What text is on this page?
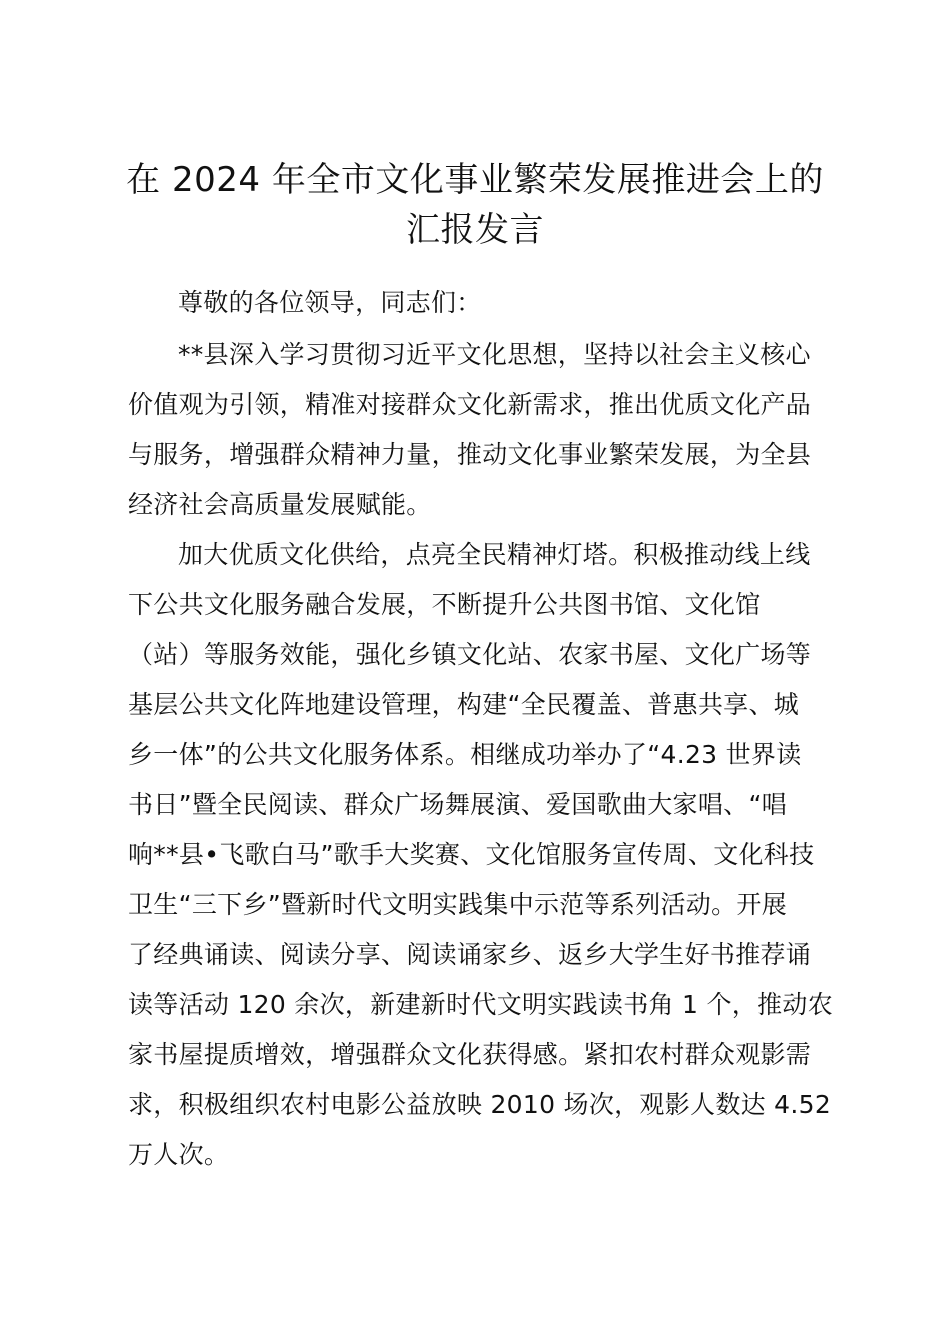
在 2024 年全市文化事业繁荣发展推进会上的
汇报发言

尊敬的各位领导，同志们：

**县深入学习贯彻习近平文化思想，坚持以社会主义核心

价值观为引领，精准对接群众文化新需求，推出优质文化产品

与服务，增强群众精神力量，推动文化事业繁荣发展，为全县

经济社会高质量发展赋能。

加大优质文化供给，点亮全民精神灯塔。积极推动线上线

下公共文化服务融合发展，不断提升公共图书馆、文化馆

（站）等服务效能，强化乡镇文化站、农家书屋、文化广场等

基层公共文化阵地建设管理，构建“全民覆盖、普惠共享、城

乡一体”的公共文化服务体系。相继成功举办了“4.23 世界读

书日”暨全民阅读、群众广场舞展演、爱国歌曲大家唱、“唱

响**县•飞歌白马”歌手大奖赛、文化馆服务宣传周、文化科技

卫生“三下乡”暨新时代文明实践集中示范等系列活动。开展

了经典诵读、阅读分享、阅读诵家乡、返乡大学生好书推荐诵

读等活动 120 余次，新建新时代文明实践读书角 1 个，推动农

家书屋提质增效，增强群众文化获得感。紧扣农村群众观影需

求，积极组织农村电影公益放映 2010 场次，观影人数达 4.52

万人次。
